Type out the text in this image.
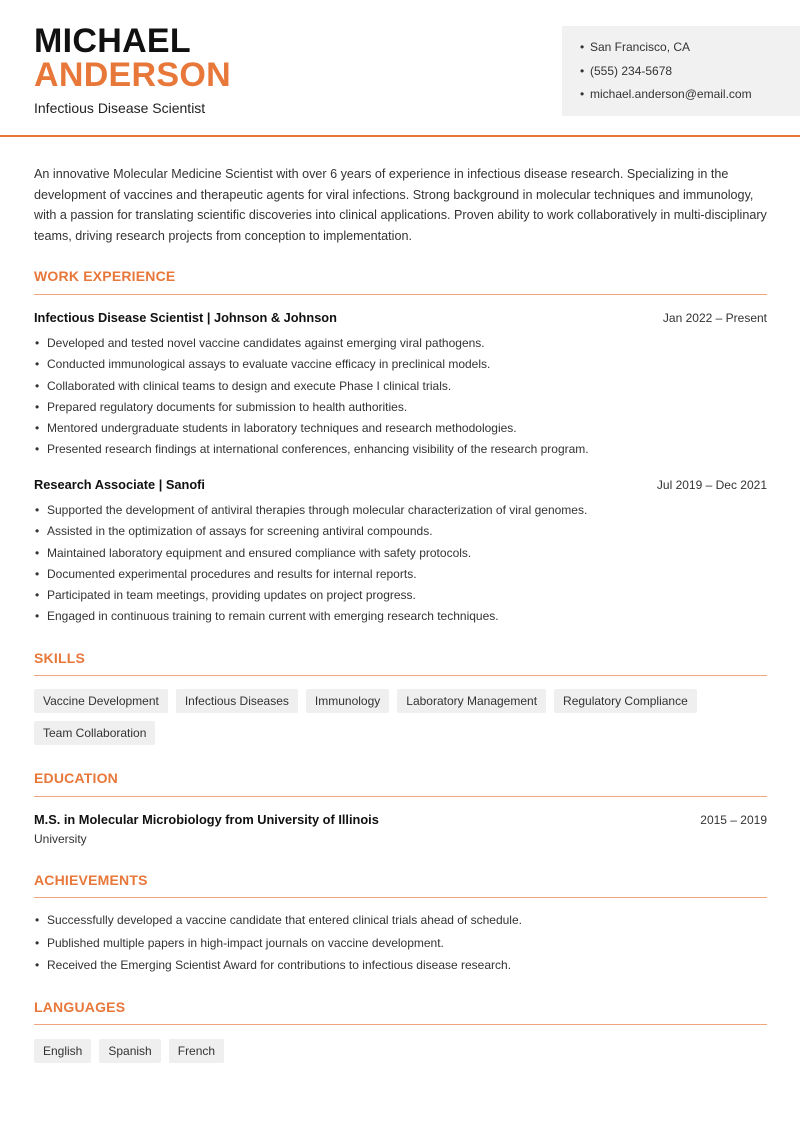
MICHAEL
ANDERSON
Infectious Disease Scientist
• San Francisco, CA
• (555) 234-5678
• michael.anderson@email.com
An innovative Molecular Medicine Scientist with over 6 years of experience in infectious disease research. Specializing in the development of vaccines and therapeutic agents for viral infections. Strong background in molecular techniques and immunology, with a passion for translating scientific discoveries into clinical applications. Proven ability to work collaboratively in multi-disciplinary teams, driving research projects from conception to implementation.
WORK EXPERIENCE
Infectious Disease Scientist | Johnson & Johnson	Jan 2022 – Present
• Developed and tested novel vaccine candidates against emerging viral pathogens.
• Conducted immunological assays to evaluate vaccine efficacy in preclinical models.
• Collaborated with clinical teams to design and execute Phase I clinical trials.
• Prepared regulatory documents for submission to health authorities.
• Mentored undergraduate students in laboratory techniques and research methodologies.
• Presented research findings at international conferences, enhancing visibility of the research program.
Research Associate | Sanofi	Jul 2019 – Dec 2021
• Supported the development of antiviral therapies through molecular characterization of viral genomes.
• Assisted in the optimization of assays for screening antiviral compounds.
• Maintained laboratory equipment and ensured compliance with safety protocols.
• Documented experimental procedures and results for internal reports.
• Participated in team meetings, providing updates on project progress.
• Engaged in continuous training to remain current with emerging research techniques.
SKILLS
Vaccine Development	Infectious Diseases	Immunology	Laboratory Management	Regulatory Compliance
Team Collaboration
EDUCATION
M.S. in Molecular Microbiology from University of Illinois	2015 – 2019
University
ACHIEVEMENTS
• Successfully developed a vaccine candidate that entered clinical trials ahead of schedule.
• Published multiple papers in high-impact journals on vaccine development.
• Received the Emerging Scientist Award for contributions to infectious disease research.
LANGUAGES
English	Spanish	French
